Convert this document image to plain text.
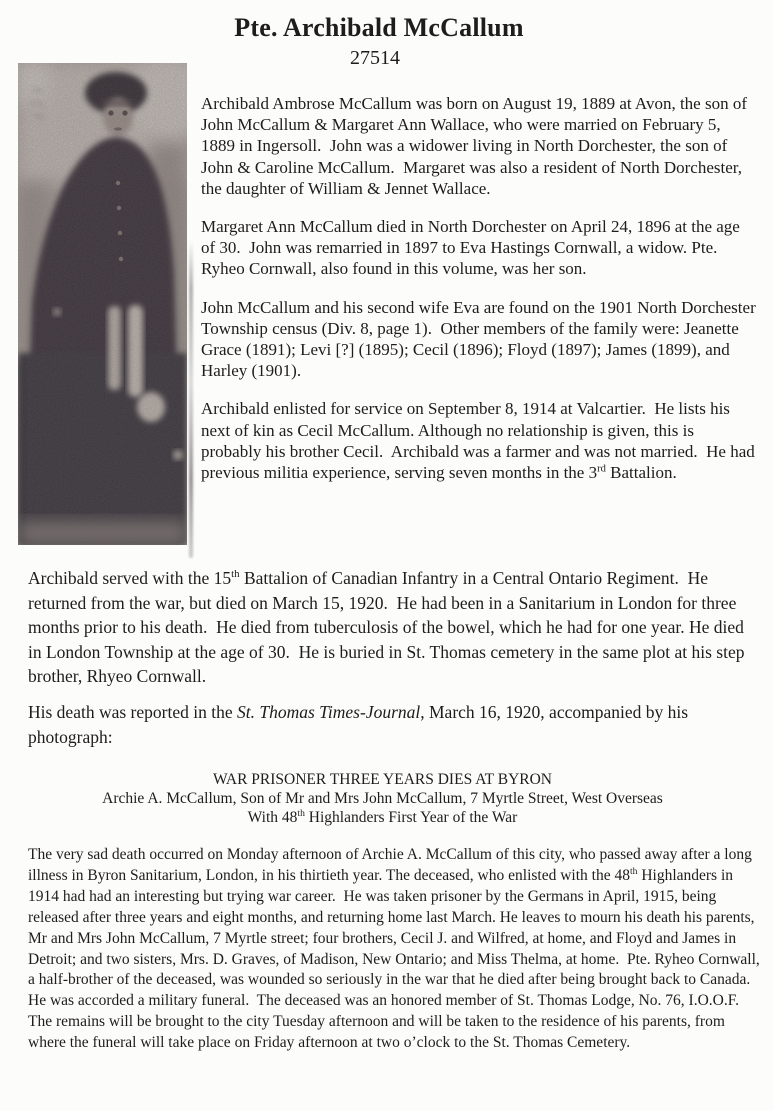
Pte. Archibald McCallum
27514

Archibald Ambrose McCallum was born on August 19, 1889 at Avon, the son of John McCallum & Margaret Ann Wallace, who were married on February 5, 1889 in Ingersoll.  John was a widower living in North Dorchester, the son of John & Caroline McCallum.  Margaret was also a resident of North Dorchester, the daughter of William & Jennet Wallace.

Margaret Ann McCallum died in North Dorchester on April 24, 1896 at the age of 30.  John was remarried in 1897 to Eva Hastings Cornwall, a widow. Pte. Ryheo Cornwall, also found in this volume, was her son.

John McCallum and his second wife Eva are found on the 1901 North Dorchester Township census (Div. 8, page 1).  Other members of the family were: Jeanette Grace (1891); Levi [?] (1895); Cecil (1896); Floyd (1897); James (1899), and Harley (1901).

Archibald enlisted for service on September 8, 1914 at Valcartier.  He lists his next of kin as Cecil McCallum. Although no relationship is given, this is probably his brother Cecil.  Archibald was a farmer and was not married.  He had previous militia experience, serving seven months in the 3rd Battalion.

Archibald served with the 15th Battalion of Canadian Infantry in a Central Ontario Regiment.  He returned from the war, but died on March 15, 1920.  He had been in a Sanitarium in London for three months prior to his death.  He died from tuberculosis of the bowel, which he had for one year. He died in London Township at the age of 30.  He is buried in St. Thomas cemetery in the same plot at his step brother, Rhyeo Cornwall.

His death was reported in the St. Thomas Times-Journal, March 16, 1920, accompanied by his photograph:

WAR PRISONER THREE YEARS DIES AT BYRON
Archie A. McCallum, Son of Mr and Mrs John McCallum, 7 Myrtle Street, West Overseas
With 48th Highlanders First Year of the War
The very sad death occurred on Monday afternoon of Archie A. McCallum of this city, who passed away after a long illness in Byron Sanitarium, London, in his thirtieth year. The deceased, who enlisted with the 48th Highlanders in 1914 had had an interesting but trying war career.  He was taken prisoner by the Germans in April, 1915, being released after three years and eight months, and returning home last March. He leaves to mourn his death his parents, Mr and Mrs John McCallum, 7 Myrtle street; four brothers, Cecil J. and Wilfred, at home, and Floyd and James in Detroit; and two sisters, Mrs. D. Graves, of Madison, New Ontario; and Miss Thelma, at home.  Pte. Ryheo Cornwall, a half-brother of the deceased, was wounded so seriously in the war that he died after being brought back to Canada.  He was accorded a military funeral.  The deceased was an honored member of St. Thomas Lodge, No. 76, I.O.O.F.  The remains will be brought to the city Tuesday afternoon and will be taken to the residence of his parents, from where the funeral will take place on Friday afternoon at two o’clock to the St. Thomas Cemetery.
